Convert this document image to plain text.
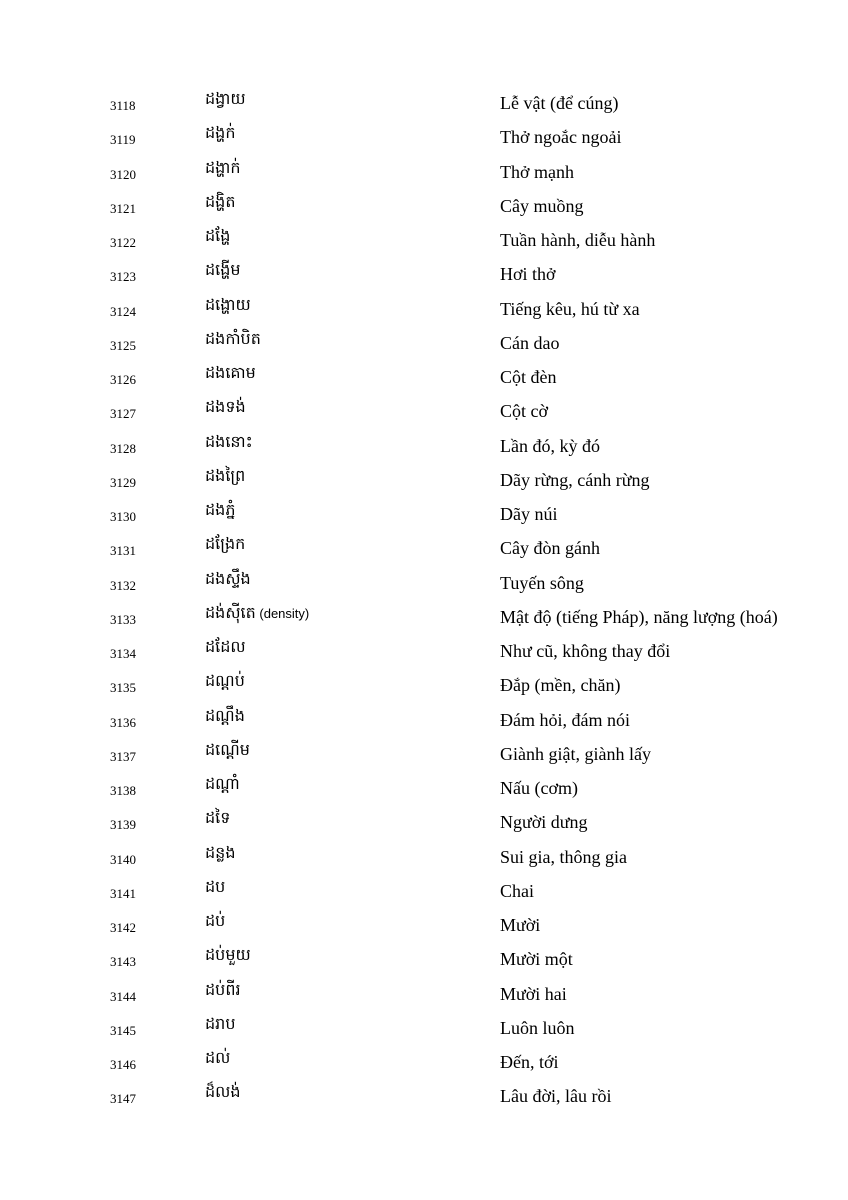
3118	ដង្វាយ	Lễ vật (để cúng)
3119	ដង្ហក់	Thở ngoắc ngoải
3120	ដង្ហាក់	Thở mạnh
3121	ដង្ហិត	Cây muồng
3122	ដង្ហែ	Tuần hành, diễu hành
3123	ដង្ហើម	Hơi thở
3124	ដង្ហោយ	Tiếng kêu, hú từ xa
3125	ដងកាំបិត	Cán dao
3126	ដងគោម	Cột đèn
3127	ដងទង់	Cột cờ
3128	ដងនោះ	Lần đó, kỳ đó
3129	ដងព្រៃ	Dãy rừng, cánh rừng
3130	ដងភ្នំ	Dãy núi
3131	ដង្រែក	Cây đòn gánh
3132	ដងស្ទឹង	Tuyến sông
3133	ដង់ស៊ីតេ (density)	Mật độ (tiếng Pháp), năng lượng (hoá)
3134	ដដែល	Như cũ, không thay đổi
3135	ដណ្ដប់	Đắp (mền, chăn)
3136	ដណ្ដឹង	Đám hỏi, đám nói
3137	ដណ្ដើម	Giành giật, giành lấy
3138	ដណ្ដាំ	Nấu (cơm)
3139	ដទៃ	Người dưng
3140	ដន្លង	Sui gia, thông gia
3141	ដប	Chai
3142	ដប់	Mười
3143	ដប់មួយ	Mười một
3144	ដប់ពីរ	Mười hai
3145	ដរាប	Luôn luôn
3146	ដល់	Đến, tới
3147	ដ៏លង់	Lâu đời, lâu rồi
